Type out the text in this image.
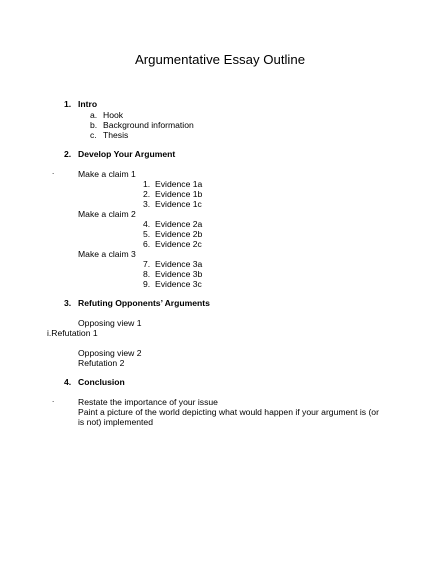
Argumentative Essay Outline
1. Intro
a. Hook
b. Background information
c. Thesis
2. Develop Your Argument
.	Make a claim 1
1. Evidence 1a
2. Evidence 1b
3. Evidence 1c
Make a claim 2
4. Evidence 2a
5. Evidence 2b
6. Evidence 2c
Make a claim 3
7. Evidence 3a
8. Evidence 3b
9. Evidence 3c
3. Refuting Opponents’ Arguments
Opposing view 1
i.Refutation 1
Opposing view 2
Refutation 2
4. Conclusion
.	Restate the importance of your issue
Paint a picture of the world depicting what would happen if your argument is (or
is not) implemented
